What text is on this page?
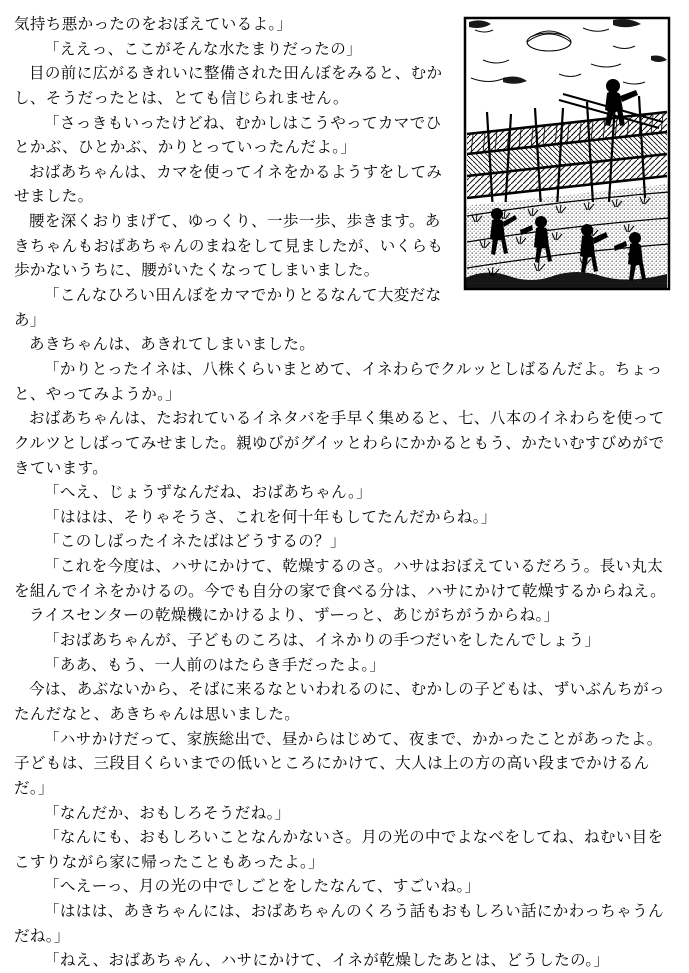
気持ち悪かったのをおぼえているよ。」

「ええっ、ここがそんな水たまりだったの」

目の前に広がるきれいに整備された田んぼをみると、むかし、そうだったとは、とても信じられません。

「さっきもいったけどね、むかしはこうやってカマでひとかぶ、ひとかぶ、かりとっていったんだよ。」

おばあちゃんは、カマを使ってイネをかるようすをしてみせました。

腰を深くおりまげて、ゆっくり、一歩一歩、歩きます。あきちゃんもおばあちゃんのまねをして見ましたが、いくらも歩かないうちに、腰がいたくなってしまいました。

「こんなひろい田んぼをカマでかりとるなんて大変だなあ」

あきちゃんは、あきれてしまいました。

「かりとったイネは、八株くらいまとめて、イネわらでクルッとしばるんだよ。ちょっと、やってみようか。」

おばあちゃんは、たおれているイネタバを手早く集めると、七、八本のイネわらを使ってクルツとしばってみせました。親ゆびがグイッとわらにかかるともう、かたいむすびめができています。

「へえ、じょうずなんだね、おばあちゃん。」

「ははは、そりゃそうさ、これを何十年もしてたんだからね。」

「このしばったイネたばはどうするの？」

「これを今度は、ハサにかけて、乾燥するのさ。ハサはおぼえているだろう。長い丸太を組んでイネをかけるの。今でも自分の家で食べる分は、ハサにかけて乾燥するからねえ。

ライスセンターの乾燥機にかけるより、ずーっと、あじがちがうからね。」

「おばあちゃんが、子どものころは、イネかりの手つだいをしたんでしょう」

「ああ、もう、一人前のはたらき手だったよ。」

今は、あぶないから、そばに来るなといわれるのに、むかしの子どもは、ずいぶんちがったんだなと、あきちゃんは思いました。

「ハサかけだって、家族総出で、昼からはじめて、夜まで、かかったことがあったよ。子どもは、三段目くらいまでの低いところにかけて、大人は上の方の高い段までかけるんだ。」

「なんだか、おもしろそうだね。」

「なんにも、おもしろいことなんかないさ。月の光の中でよなべをしてね、ねむい目をこすりながら家に帰ったこともあったよ。」

「へえーっ、月の光の中でしごとをしたなんて、すごいね。」

「ははは、あきちゃんには、おばあちゃんのくろう話もおもしろい話にかわっちゃうんだね。」

「ねえ、おばあちゃん、ハサにかけて、イネが乾燥したあとは、どうしたの。」
